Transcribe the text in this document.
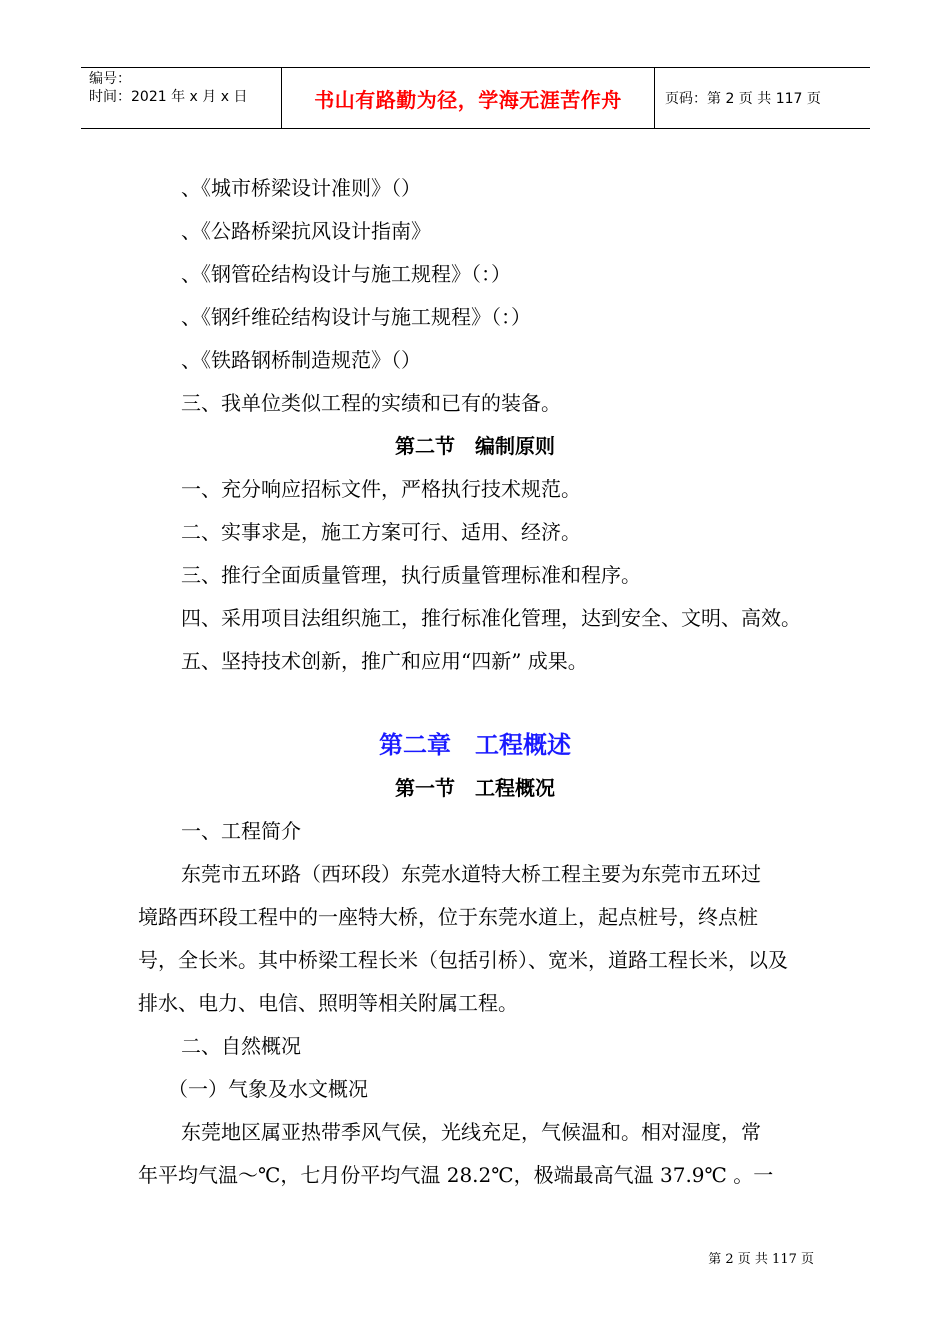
编号：
时间：2021 年 x 月 x 日	书山有路勤为径，学海无涯苦作舟	页码：第 2 页 共 117 页
、《城市桥梁设计准则》（）
、《公路桥梁抗风设计指南》
、《钢管砼结构设计与施工规程》（：）
、《钢纤维砼结构设计与施工规程》（：）
、《铁路钢桥制造规范》（）
三、我单位类似工程的实绩和已有的装备。
第二节　编制原则
一、充分响应招标文件，严格执行技术规范。
二、实事求是，施工方案可行、适用、经济。
三、推行全面质量管理，执行质量管理标准和程序。
四、采用项目法组织施工，推行标准化管理，达到安全、文明、高效。
五、坚持技术创新，推广和应用“四新” 成果。
第二章　工程概述
第一节　工程概况
一、工程简介
东莞市五环路（西环段）东莞水道特大桥工程主要为东莞市五环过
境路西环段工程中的一座特大桥，位于东莞水道上，起点桩号，终点桩
号，全长米。其中桥梁工程长米（包括引桥）、宽米，道路工程长米，以及
排水、电力、电信、照明等相关附属工程。
二、自然概况
（一）气象及水文概况
东莞地区属亚热带季风气侯，光线充足，气候温和。相对湿度，常
年平均气温～℃，七月份平均气温 28.2℃，极端最高气温 37.9℃ 。一
第 2 页 共 117 页
